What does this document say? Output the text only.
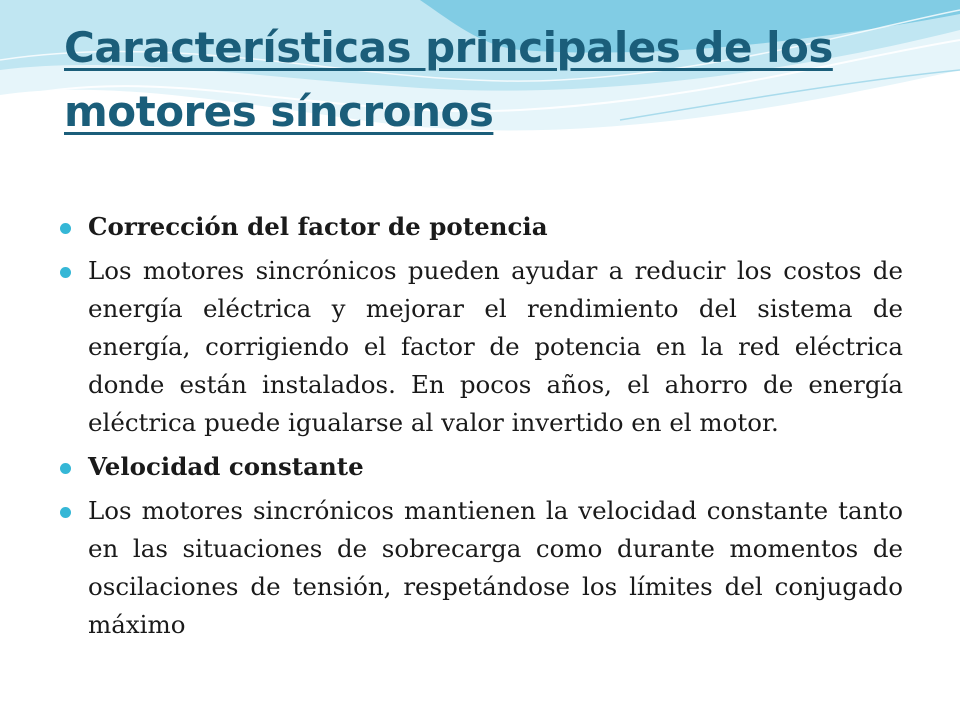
Características principales de los motores síncronos
Corrección del factor de potencia
Los motores sincrónicos pueden ayudar a reducir los costos de energía eléctrica y mejorar el rendimiento del sistema de energía, corrigiendo el factor de potencia en la red eléctrica donde están instalados. En pocos años, el ahorro de energía eléctrica puede igualarse al valor invertido en el motor.
Velocidad constante
Los motores sincrónicos mantienen la velocidad constante tanto en las situaciones de sobrecarga como durante momentos de oscilaciones de tensión, respetándose los límites del conjugado máximo
